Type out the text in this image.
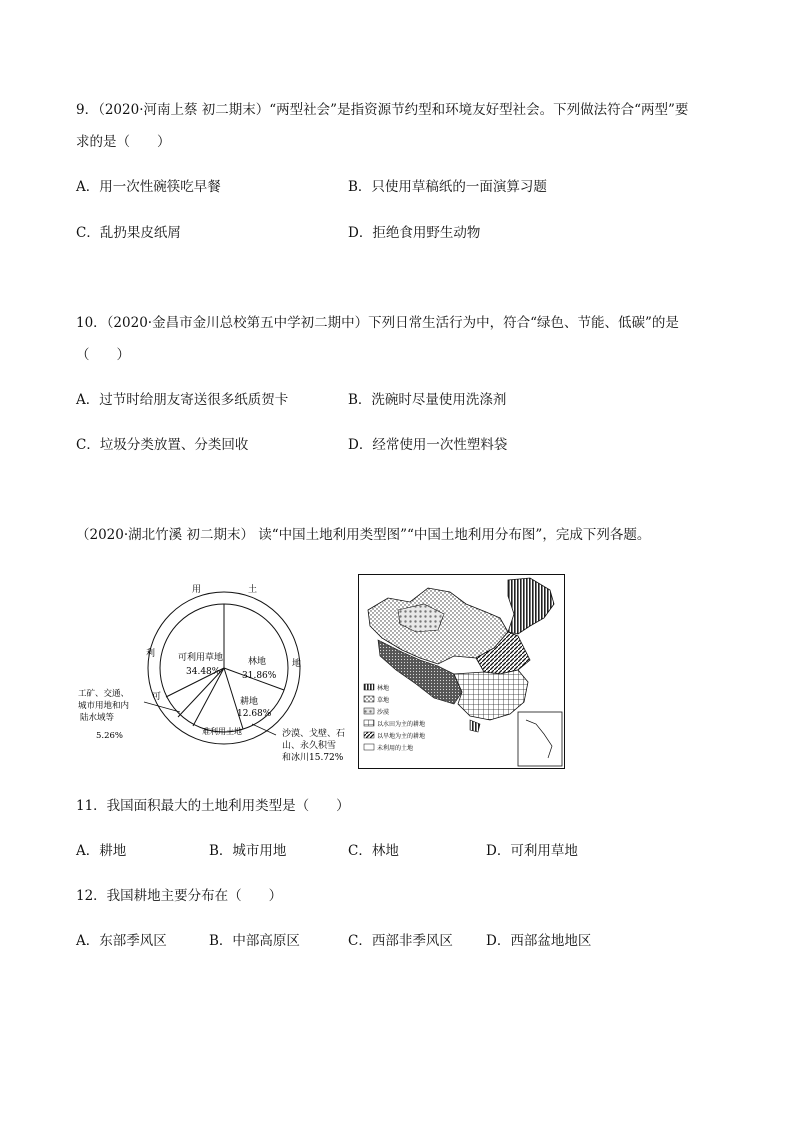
9．（2020·河南上蔡 初二期末）“两型社会”是指资源节约型和环境友好型社会。下列做法符合“两型”要
求的是（　　）
A．用一次性碗筷吃早餐	B．只使用草稿纸的一面演算习题
C．乱扔果皮纸屑	D．拒绝食用野生动物
10．（2020·金昌市金川总校第五中学初二期中）下列日常生活行为中，符合“绿色、节能、低碳”的是
（　　）
A．过节时给朋友寄送很多纸质贺卡	B．洗碗时尽量使用洗涤剂
C．垃圾分类放置、分类回收	D．经常使用一次性塑料袋
（2020·湖北竹溪 初二期末） 读“中国土地利用类型图”“中国土地利用分布图”，完成下列各题。
用	土
地
利
可
可利用草地
34.48%
林地
31.86%
耕地
12.68%
难利用土地	沙漠、戈壁、石
山、永久积雪
和冰川15.72%
工矿、交通、
城市用地和内
陆水域等
5.26%
林地
草地
沙漠
以水田为主的耕地
以旱地为主的耕地
未利用的土地
11．我国面积最大的土地利用类型是（　　）
A．耕地	B．城市用地	C．林地	D．可利用草地
12．我国耕地主要分布在（　　）
A．东部季风区	B．中部高原区	C．西部非季风区 D．西部盆地地区
